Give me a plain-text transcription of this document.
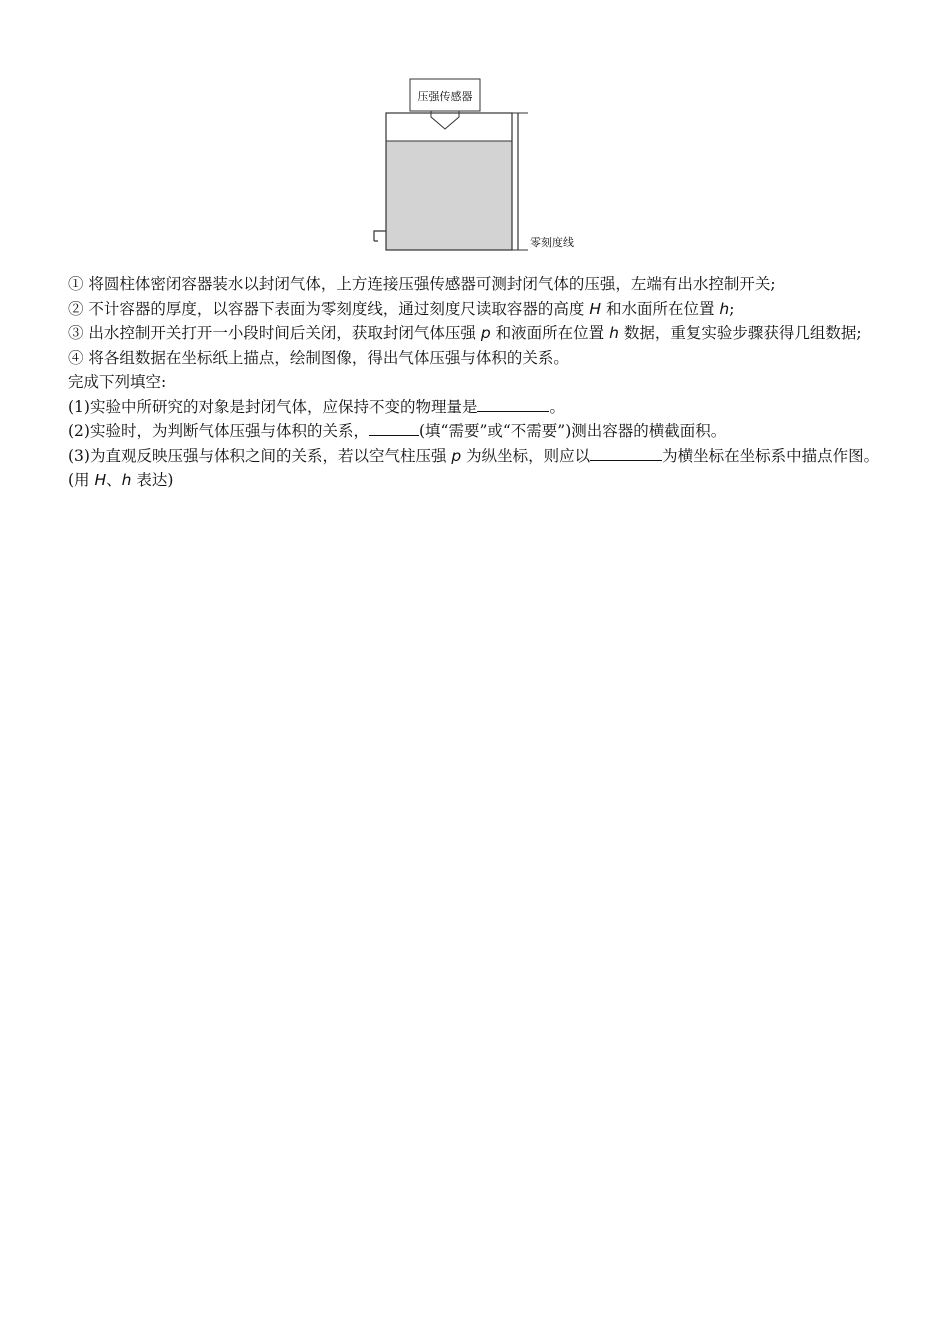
压强传感器
零刻度线

① 将圆柱体密闭容器装水以封闭气体，上方连接压强传感器可测封闭气体的压强，左端有出水控制开关;

② 不计容器的厚度，以容器下表面为零刻度线，通过刻度尺读取容器的高度 H 和水面所在位置 h;

③ 出水控制开关打开一小段时间后关闭，获取封闭气体压强 p 和液面所在位置 h 数据，重复实验步骤获得几组数据;

④ 将各组数据在坐标纸上描点，绘制图像，得出气体压强与体积的关系。

完成下列填空:

(1)实验中所研究的对象是封闭气体，应保持不变的物理量是	。

(2)实验时，为判断气体压强与体积的关系，	(填“需要”或“不需要”)测出容器的横截面积。

(3)为直观反映压强与体积之间的关系，若以空气柱压强 p 为纵坐标，则应以	为横坐标在坐标系中描点作图。(用 H、h 表达)
